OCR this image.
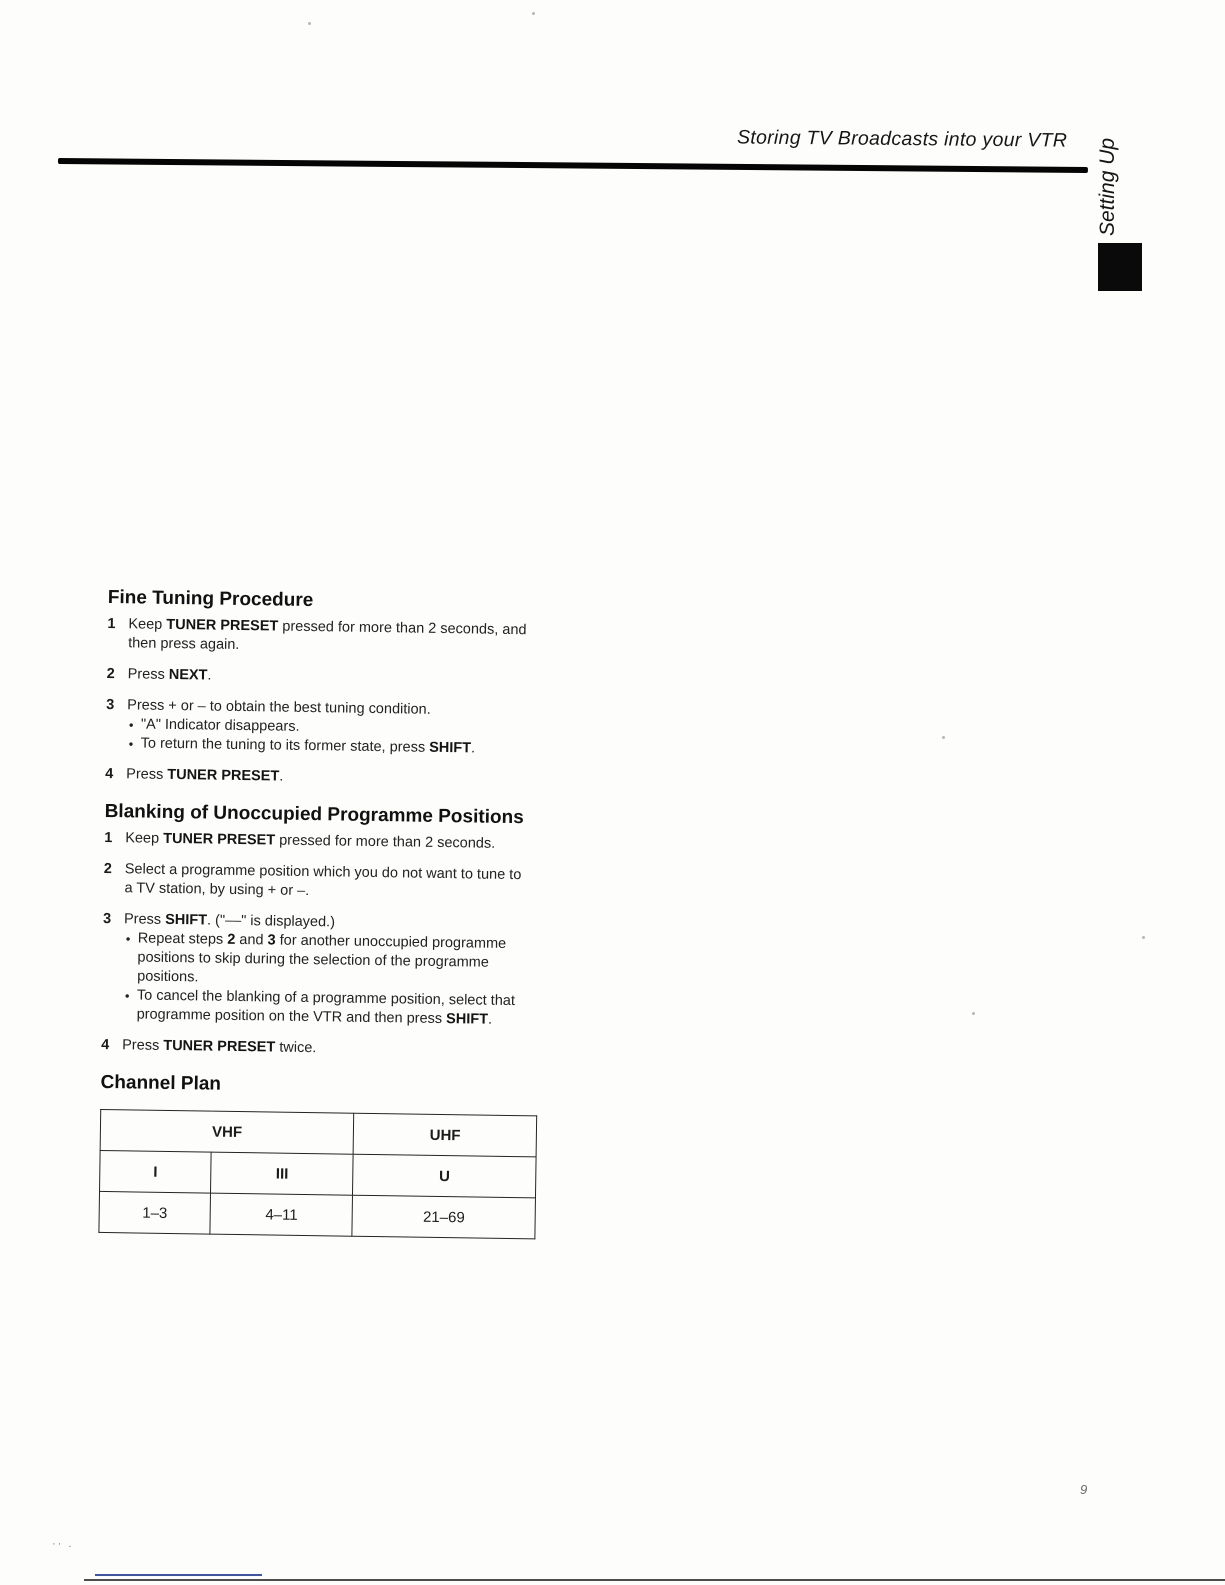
Storing TV Broadcasts into your VTR Setting Up
Fine Tuning Procedure
1 Keep TUNER PRESET pressed for more than 2 seconds, and then press again.
2 Press NEXT.
3 Press + or – to obtain the best tuning condition.
• "A" Indicator disappears.
• To return the tuning to its former state, press SHIFT.
4 Press TUNER PRESET.
Blanking of Unoccupied Programme Positions
1 Keep TUNER PRESET pressed for more than 2 seconds.
2 Select a programme position which you do not want to tune to a TV station, by using + or –.
3 Press SHIFT. ("––" is displayed.)
• Repeat steps 2 and 3 for another unoccupied programme positions to skip during the selection of the programme positions.
• To cancel the blanking of a programme position, select that programme position on the VTR and then press SHIFT.
4 Press TUNER PRESET twice.
Channel Plan
VHF		UHF
I	III	U
1–3	4–11	21–69
9
·· .
